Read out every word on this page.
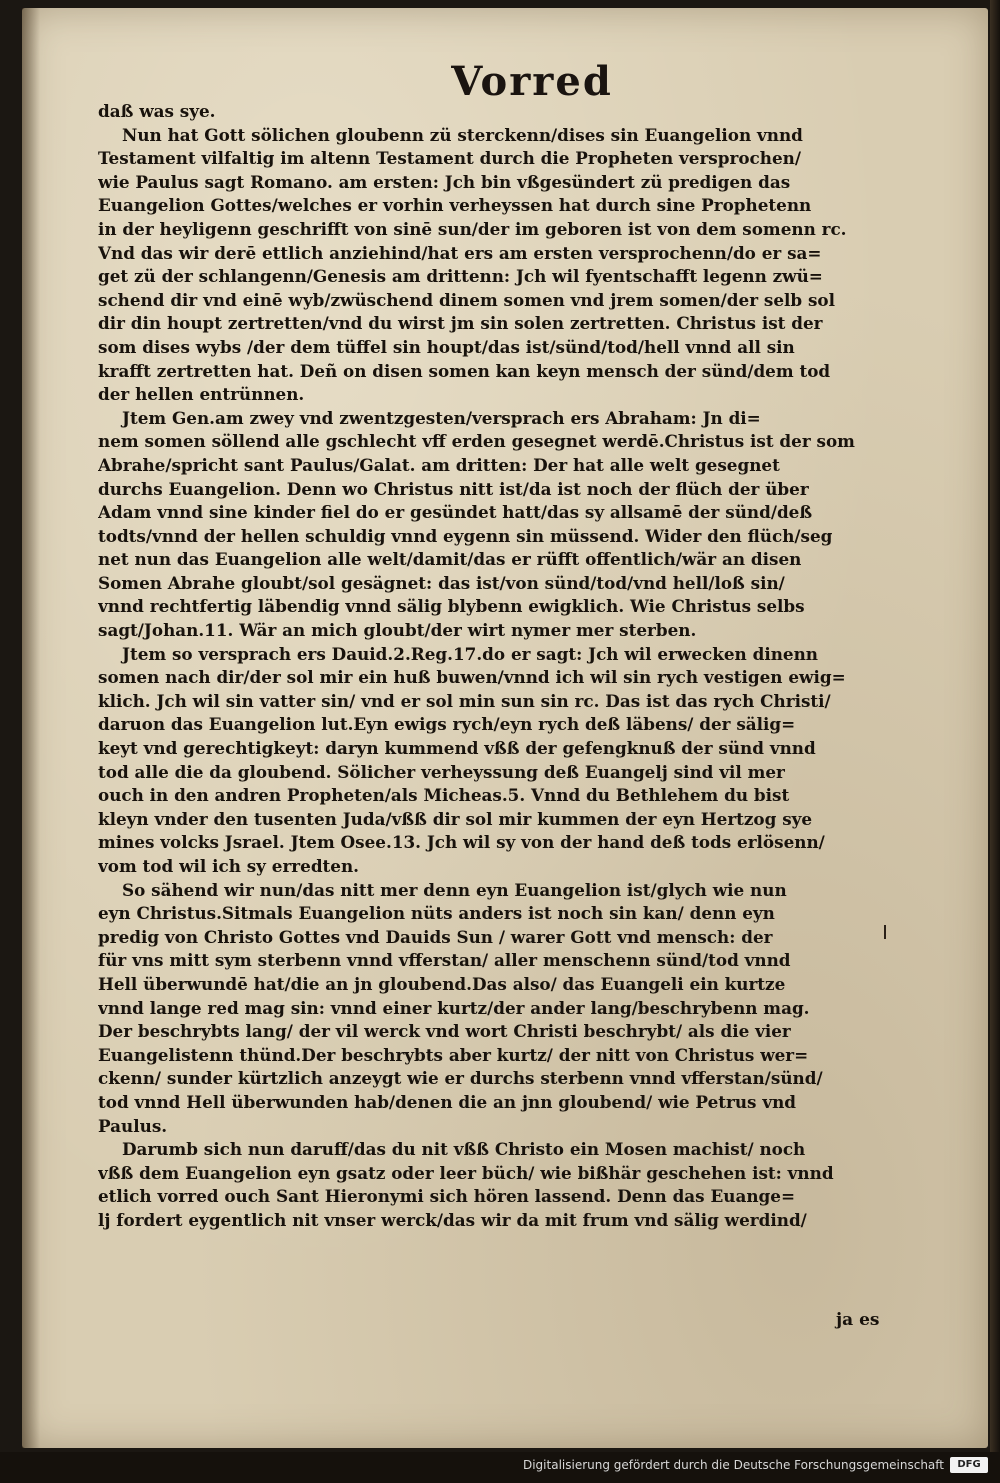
Vorred
daß was sye.
Nun hat Gott sölichen gloubenn zü sterckenn/dises sin Euangelion vnnd
Testament vilfaltig im altenn Testament durch die Propheten versprochen/
wie Paulus sagt Romano. am ersten: Jch bin vßgesündert zü predigen das
Euangelion Gottes/welches er vorhin verheyssen hat durch sine Prophetenn
in der heyligenn geschrifft von sinē sun/der im geboren ist von dem somenn rc.
Vnd das wir derē ettlich anziehind/hat ers am ersten versprochenn/do er sa=
get zü der schlangenn/Genesis am drittenn: Jch wil fyentschafft legenn zwü=
schend dir vnd einē wyb/zwüschend dinem somen vnd jrem somen/der selb sol
dir din houpt zertretten/vnd du wirst jm sin solen zertretten. Christus ist der
som dises wybs /der dem tüffel sin houpt/das ist/sünd/tod/hell vnnd all sin
krafft zertretten hat. Deñ on disen somen kan keyn mensch der sünd/dem tod
der hellen entrünnen.
Jtem Gen.am zwey vnd zwentzgesten/versprach ers Abraham: Jn di=
nem somen söllend alle gschlecht vff erden gesegnet werdē.Christus ist der som
Abrahe/spricht sant Paulus/Galat. am dritten: Der hat alle welt gesegnet
durchs Euangelion. Denn wo Christus nitt ist/da ist noch der flüch der über
Adam vnnd sine kinder fiel do er gesündet hatt/das sy allsamē der sünd/deß
todts/vnnd der hellen schuldig vnnd eygenn sin müssend. Wider den flüch/seg
net nun das Euangelion alle welt/damit/das er rüfft offentlich/wär an disen
Somen Abrahe gloubt/sol gesägnet: das ist/von sünd/tod/vnd hell/loß sin/
vnnd rechtfertig läbendig vnnd sälig blybenn ewigklich. Wie Christus selbs
sagt/Johan.11. Wär an mich gloubt/der wirt nymer mer sterben.
Jtem so versprach ers Dauid.2.Reg.17.do er sagt: Jch wil erwecken dinenn
somen nach dir/der sol mir ein huß buwen/vnnd ich wil sin rych vestigen ewig=
klich. Jch wil sin vatter sin/ vnd er sol min sun sin rc. Das ist das rych Christi/
daruon das Euangelion lut.Eyn ewigs rych/eyn rych deß läbens/ der sälig=
keyt vnd gerechtigkeyt: daryn kummend vßß der gefengknuß der sünd vnnd
tod alle die da gloubend. Sölicher verheyssung deß Euangelj sind vil mer
ouch in den andren Propheten/als Micheas.5. Vnnd du Bethlehem du bist
kleyn vnder den tusenten Juda/vßß dir sol mir kummen der eyn Hertzog sye
mines volcks Jsrael. Jtem Osee.13. Jch wil sy von der hand deß tods erlösenn/
vom tod wil ich sy erredten.
So sähend wir nun/das nitt mer denn eyn Euangelion ist/glych wie nun
eyn Christus.Sitmals Euangelion nüts anders ist noch sin kan/ denn eyn
predig von Christo Gottes vnd Dauids Sun / warer Gott vnd mensch: der
für vns mitt sym sterbenn vnnd vfferstan/ aller menschenn sünd/tod vnnd
Hell überwundē hat/die an jn gloubend.Das also/ das Euangeli ein kurtze
vnnd lange red mag sin: vnnd einer kurtz/der ander lang/beschrybenn mag.
Der beschrybts lang/ der vil werck vnd wort Christi beschrybt/ als die vier
Euangelistenn thünd.Der beschrybts aber kurtz/ der nitt von Christus wer=
ckenn/ sunder kürtzlich anzeygt wie er durchs sterbenn vnnd vfferstan/sünd/
tod vnnd Hell überwunden hab/denen die an jnn gloubend/ wie Petrus vnd
Paulus.
Darumb sich nun daruff/das du nit vßß Christo ein Mosen machist/ noch
vßß dem Euangelion eyn gsatz oder leer büch/ wie bißhär geschehen ist: vnnd
etlich vorred ouch Sant Hieronymi sich hören lassend. Denn das Euange=
lj fordert eygentlich nit vnser werck/das wir da mit frum vnd sälig werdind/
ja es
Digitalisierung gefördert durch die Deutsche Forschungsgemeinschaft	DFG
